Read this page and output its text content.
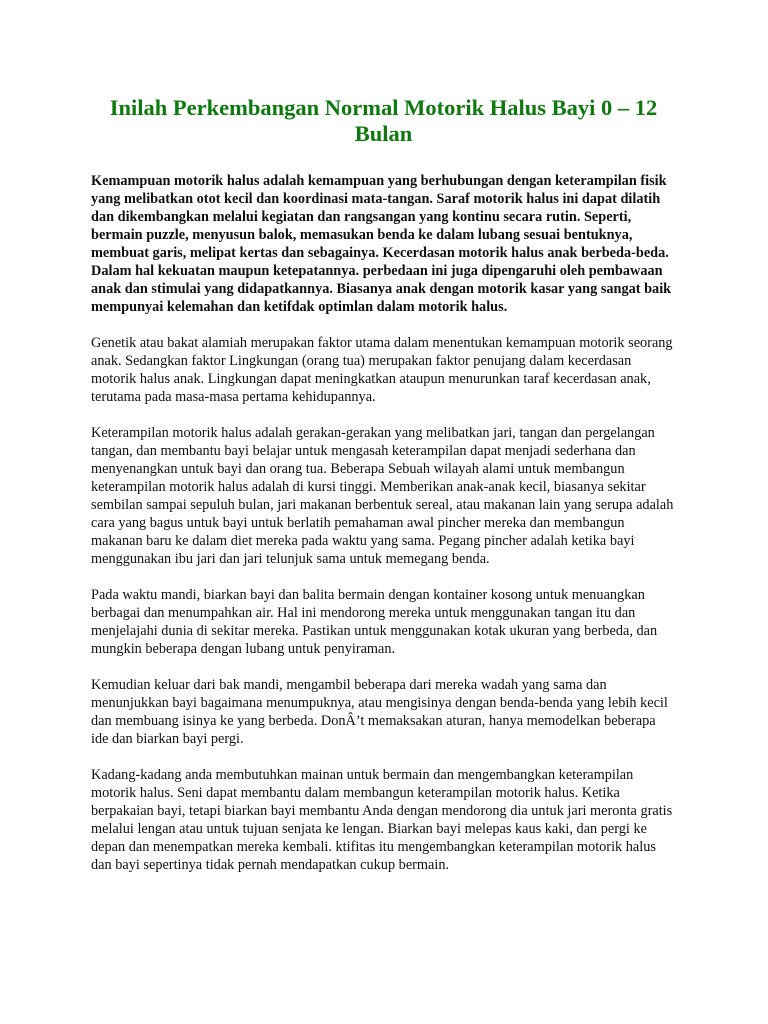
Inilah Perkembangan Normal Motorik Halus Bayi 0 – 12 Bulan

Kemampuan motorik halus adalah kemampuan yang berhubungan dengan keterampilan fisik yang melibatkan otot kecil dan koordinasi mata-tangan. Saraf motorik halus ini dapat dilatih dan dikembangkan melalui kegiatan dan rangsangan yang kontinu secara rutin. Seperti, bermain puzzle, menyusun balok, memasukan benda ke dalam lubang sesuai bentuknya, membuat garis, melipat kertas dan sebagainya. Kecerdasan motorik halus anak berbeda-beda. Dalam hal kekuatan maupun ketepatannya. perbedaan ini juga dipengaruhi oleh pembawaan anak dan stimulai yang didapatkannya. Biasanya anak dengan motorik kasar yang sangat baik mempunyai kelemahan dan ketifdak optimlan dalam motorik halus.

Genetik atau bakat alamiah merupakan faktor utama dalam menentukan kemampuan motorik seorang anak. Sedangkan faktor Lingkungan (orang tua) merupakan faktor penujang dalam kecerdasan motorik halus anak. Lingkungan dapat meningkatkan ataupun menurunkan taraf kecerdasan anak, terutama pada masa-masa pertama kehidupannya.

Keterampilan motorik halus adalah gerakan-gerakan yang melibatkan jari, tangan dan pergelangan tangan, dan membantu bayi belajar untuk mengasah keterampilan dapat menjadi sederhana dan menyenangkan untuk bayi dan orang tua. Beberapa Sebuah wilayah alami untuk membangun keterampilan motorik halus adalah di kursi tinggi. Memberikan anak-anak kecil, biasanya sekitar sembilan sampai sepuluh bulan, jari makanan berbentuk sereal, atau makanan lain yang serupa adalah cara yang bagus untuk bayi untuk berlatih pemahaman awal pincher mereka dan membangun makanan baru ke dalam diet mereka pada waktu yang sama. Pegang pincher adalah ketika bayi menggunakan ibu jari dan jari telunjuk sama untuk memegang benda.

Pada waktu mandi, biarkan bayi dan balita bermain dengan kontainer kosong untuk menuangkan berbagai dan menumpahkan air. Hal ini mendorong mereka untuk menggunakan tangan itu dan menjelajahi dunia di sekitar mereka. Pastikan untuk menggunakan kotak ukuran yang berbeda, dan mungkin beberapa dengan lubang untuk penyiraman.

Kemudian keluar dari bak mandi, mengambil beberapa dari mereka wadah yang sama dan menunjukkan bayi bagaimana menumpuknya, atau mengisinya dengan benda-benda yang lebih kecil dan membuang isinya ke yang berbeda. DonÂ’t memaksakan aturan, hanya memodelkan beberapa ide dan biarkan bayi pergi.

Kadang-kadang anda membutuhkan mainan untuk bermain dan mengembangkan keterampilan motorik halus. Seni dapat membantu dalam membangun keterampilan motorik halus. Ketika berpakaian bayi, tetapi biarkan bayi membantu Anda dengan mendorong dia untuk jari meronta gratis melalui lengan atau untuk tujuan senjata ke lengan. Biarkan bayi melepas kaus kaki, dan pergi ke depan dan menempatkan mereka kembali. ktifitas itu mengembangkan keterampilan motorik halus dan bayi sepertinya tidak pernah mendapatkan cukup bermain.
